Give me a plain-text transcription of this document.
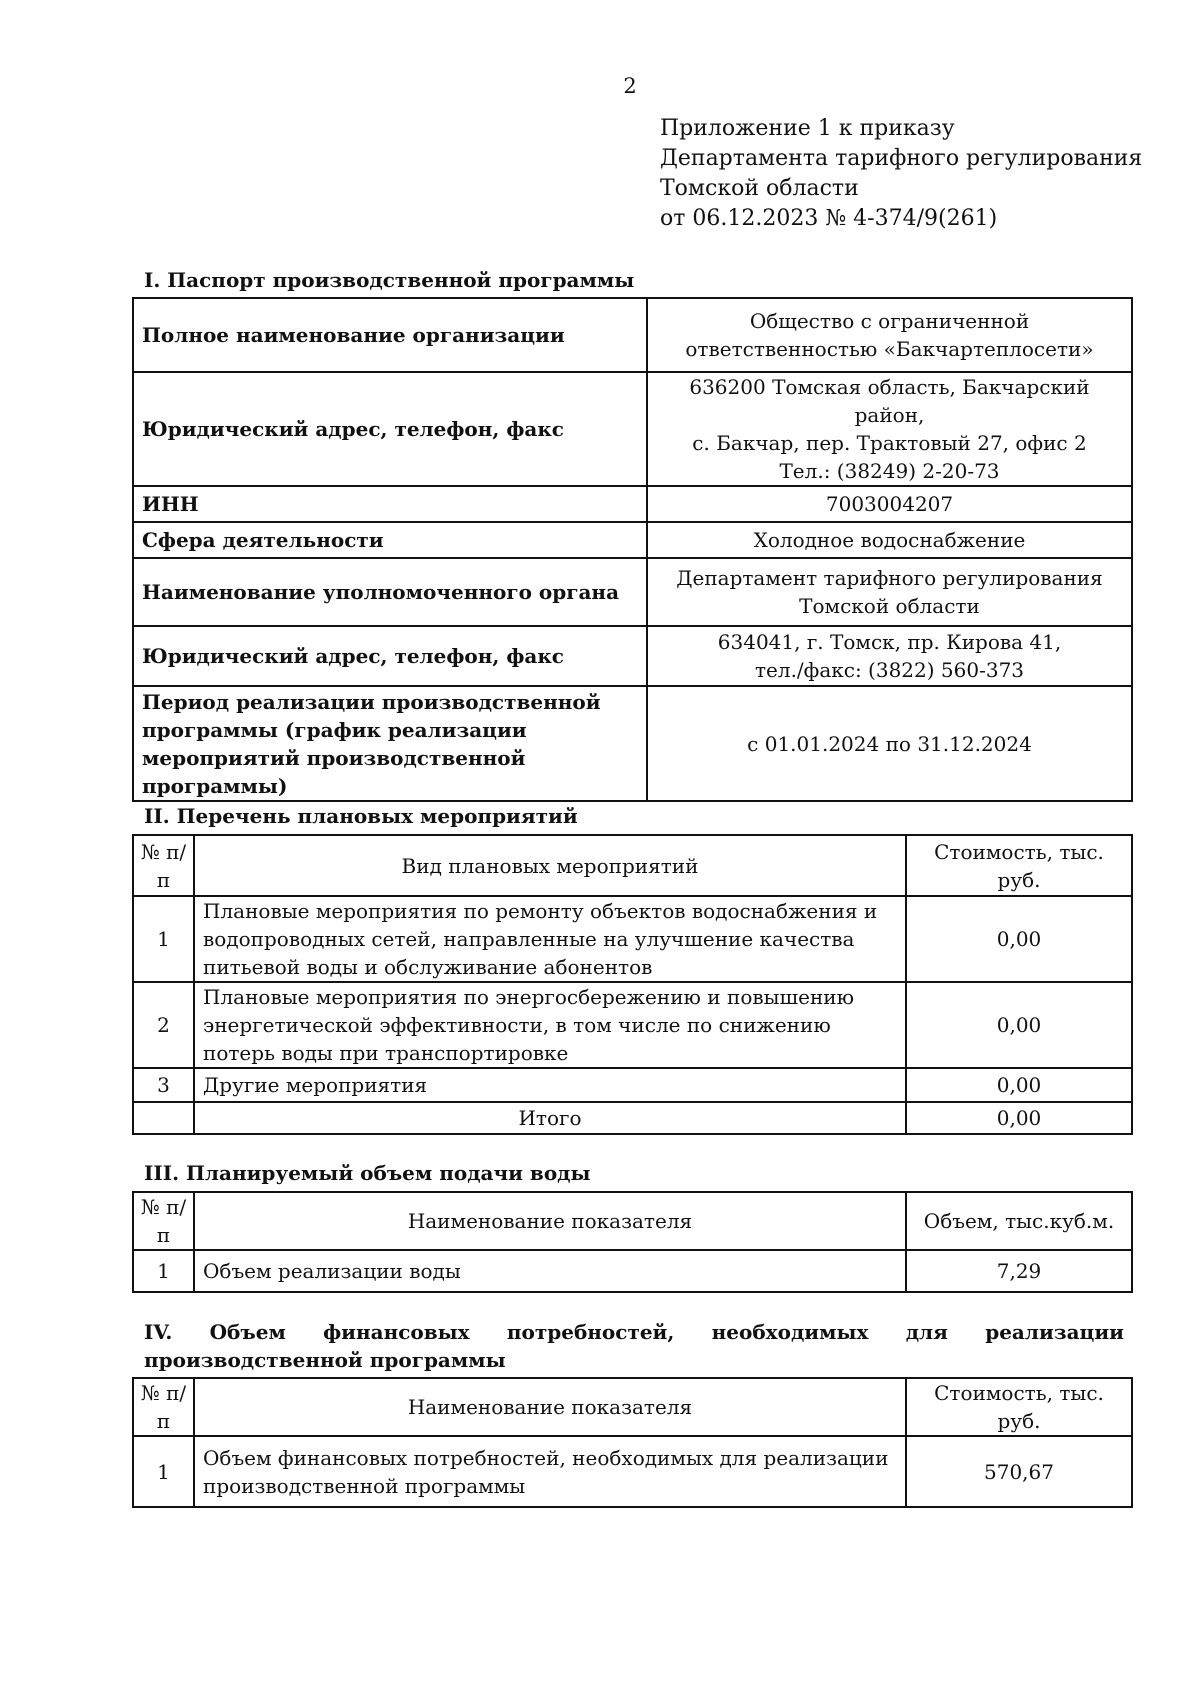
2
Приложение 1 к приказу
Департамента тарифного регулирования
Томской области
от 06.12.2023 № 4-374/9(261)
I. Паспорт производственной программы
Полное наименование организации	Общество с ограниченной
ответственностью «Бакчартеплосети»

Юридический адрес, телефон, факс	636200 Томская область, Бакчарский район,
с. Бакчар, пер. Трактовый 27, офис 2
Тел.: (38249) 2-20-73

ИНН	7003004207

Сфера деятельности	Холодное водоснабжение

Наименование уполномоченного органа	Департамент тарифного регулирования
Томской области

Юридический адрес, телефон, факс	634041, г. Томск, пр. Кирова 41,
тел./факс: (3822) 560-373

Период реализации производственной программы (график реализации мероприятий производственной программы)	с 01.01.2024 по 31.12.2024
II. Перечень плановых мероприятий
№ п/п	Вид плановых мероприятий	Стоимость, тыс. руб.
1	Плановые мероприятия по ремонту объектов водоснабжения и водопроводных сетей, направленные на улучшение качества питьевой воды и обслуживание абонентов	0,00
2	Плановые мероприятия по энергосбережению и повышению энергетической эффективности, в том числе по снижению потерь воды при транспортировке	0,00
3	Другие мероприятия	0,00
	Итого	0,00
III. Планируемый объем подачи воды
№ п/п	Наименование показателя	Объем, тыс.куб.м.
1	Объем реализации воды	7,29
IV. Объем финансовых потребностей, необходимых для реализации производственной программы
№ п/п	Наименование показателя	Стоимость, тыс. руб.
1	Объем финансовых потребностей, необходимых для реализации производственной программы	570,67
